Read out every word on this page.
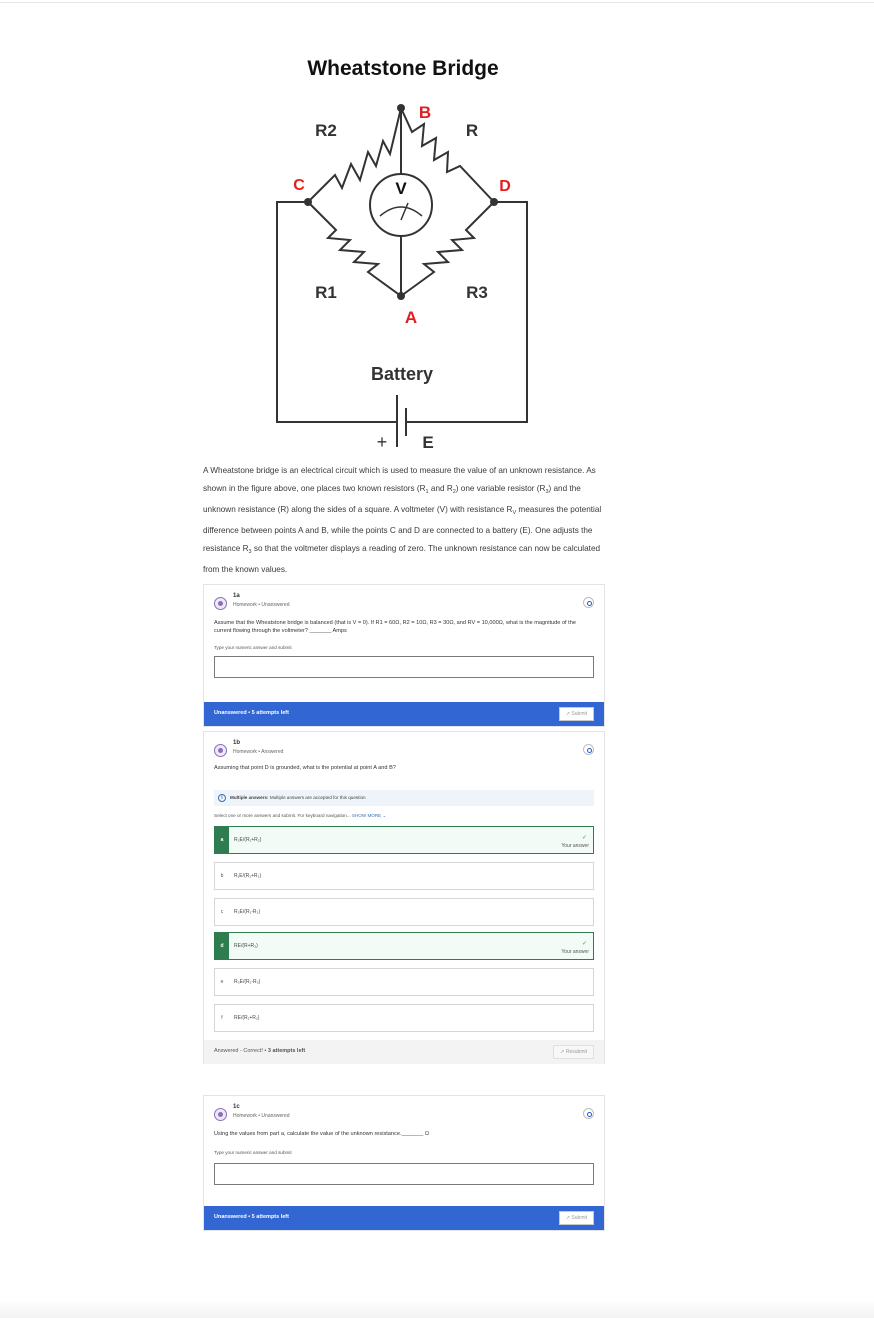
Wheatstone Bridge
V
R2	R
R1	R3
B
C	D
A
Battery
+ E
A Wheatstone bridge is an electrical circuit which is used to measure the value of an unknown resistance. As shown in the figure above, one places two known resistors ($R_1$ and $R_2$) one variable resistor $(R_3)$ and the unknown resistance (R) along the sides of a square. A voltmeter (V) with resistance $R_V$ measures the potential difference between points A and B, while the points C and D are connected to a battery (E). One adjusts the resistance $R_3$ so that the voltmeter displays a reading of zero. The unknown resistance can now be calculated from the known values.
1a
Homework • Unanswered
Assume that the Wheatstone bridge is balanced (that is V = 0). If R1 = 60Ω, R2 = 10Ω, R3 = 30Ω, and RV = 10,000Ω, what is the magnitude of the current flowing through the voltmeter? _______ Amps
Type your numeric answer and submit
Unanswered • 5 attempts left	➚ Submit
1b
Homework • Answered
Assuming that point D is grounded, what is the potential at point A and B?
i	Multiple answers: Multiple answers are accepted for this question
Select one or more answers and submit. For keyboard navigation... SHOW MORE ⌄
a	R₂E/(R₁+R₂)	✓
Your answer
b	R₁E/(R₁+R₂)
c	R₂E/(R₁-R₂)
d	RE/(R+R₃)	✓
Your answer
e	R₃E/(R₁-R₃)
f	RE/(R₁+R₂)
Answered - Correct! • 3 attempts left	➚ Resubmit
1c
Homework • Unanswered
Using the values from part a, calculate the value of the unknown resistance._______ Ω
Type your numeric answer and submit
Unanswered • 5 attempts left	➚ Submit
